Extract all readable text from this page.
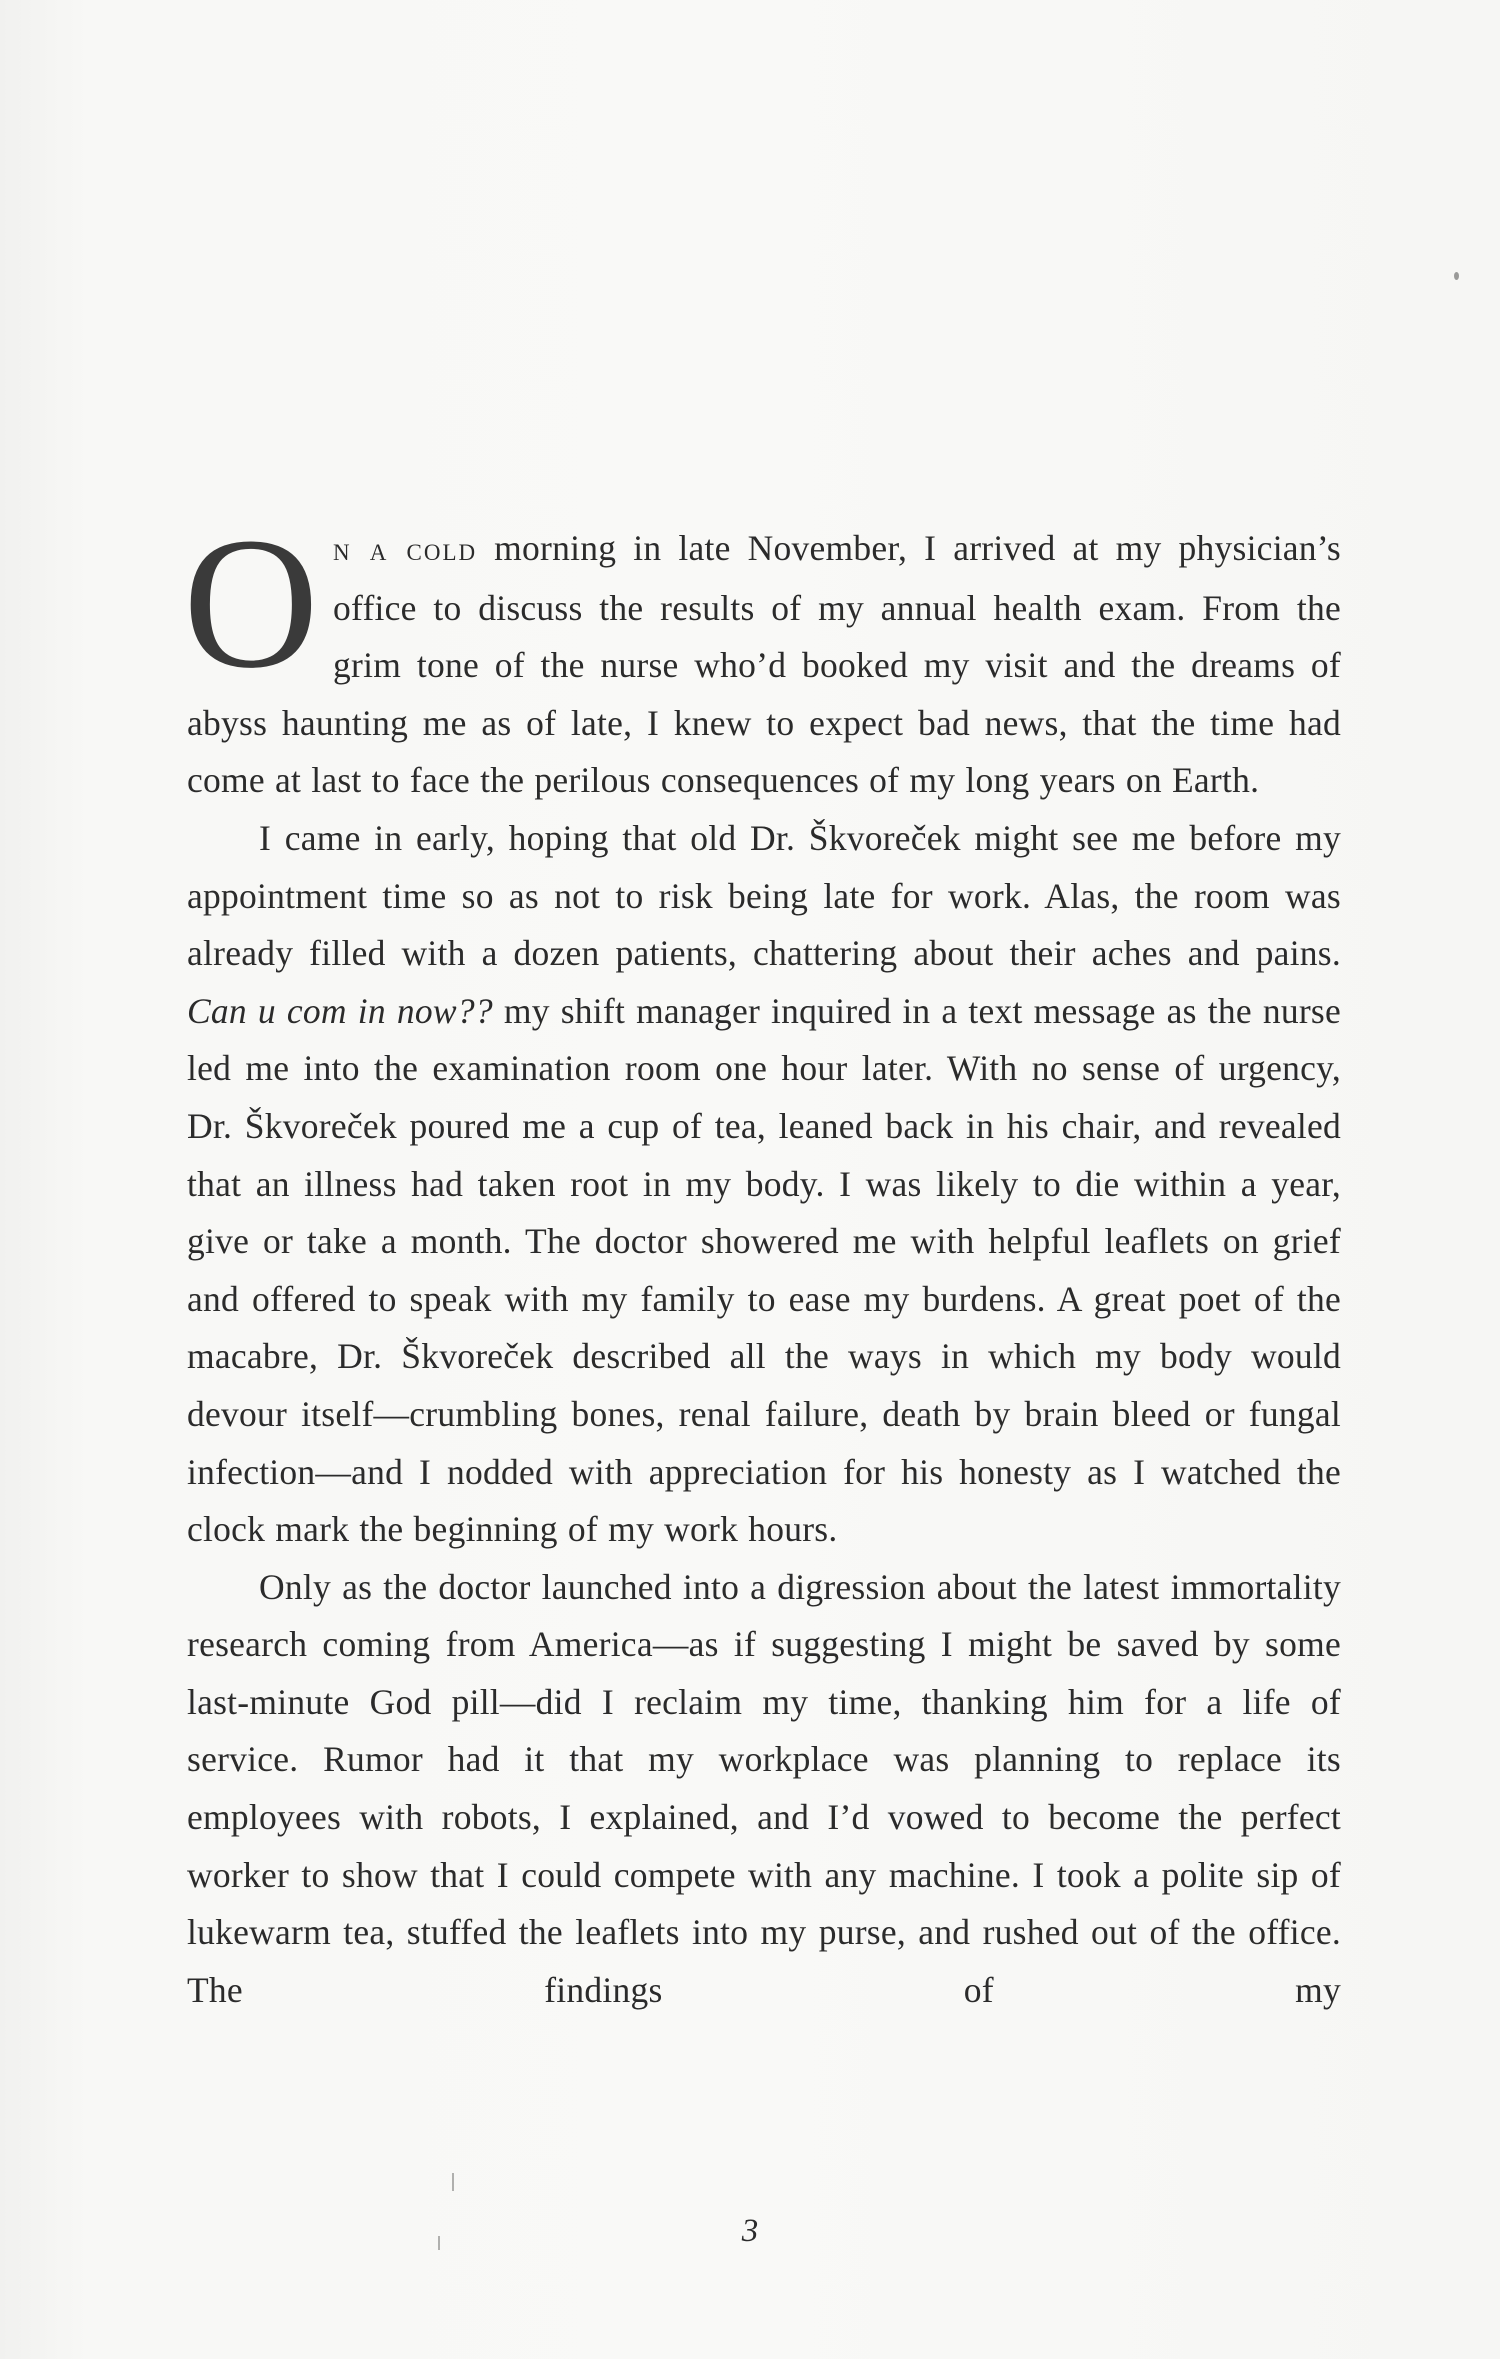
On a cold morning in late November, I arrived at my physician’s office to discuss the results of my annual health exam. From the grim tone of the nurse who’d booked my visit and the dreams of abyss haunting me as of late, I knew to expect bad news, that the time had come at last to face the perilous consequences of my long years on Earth.

I came in early, hoping that old Dr. Škvoreček might see me before my appointment time so as not to risk being late for work. Alas, the room was already filled with a dozen patients, chattering about their aches and pains. Can u com in now?? my shift manager inquired in a text message as the nurse led me into the examination room one hour later. With no sense of urgency, Dr. Škvoreček poured me a cup of tea, leaned back in his chair, and revealed that an illness had taken root in my body. I was likely to die within a year, give or take a month. The doctor showered me with helpful leaflets on grief and offered to speak with my family to ease my burdens. A great poet of the macabre, Dr. Škvoreček described all the ways in which my body would devour itself—crumbling bones, renal failure, death by brain bleed or fungal infection—and I nodded with appreciation for his honesty as I watched the clock mark the beginning of my work hours.

Only as the doctor launched into a digression about the latest immortality research coming from America—as if suggesting I might be saved by some last-minute God pill—did I reclaim my time, thanking him for a life of service. Rumor had it that my workplace was planning to replace its employees with robots, I explained, and I’d vowed to become the perfect worker to show that I could compete with any machine. I took a polite sip of lukewarm tea, stuffed the leaflets into my purse, and rushed out of the office. The findings of my

3
